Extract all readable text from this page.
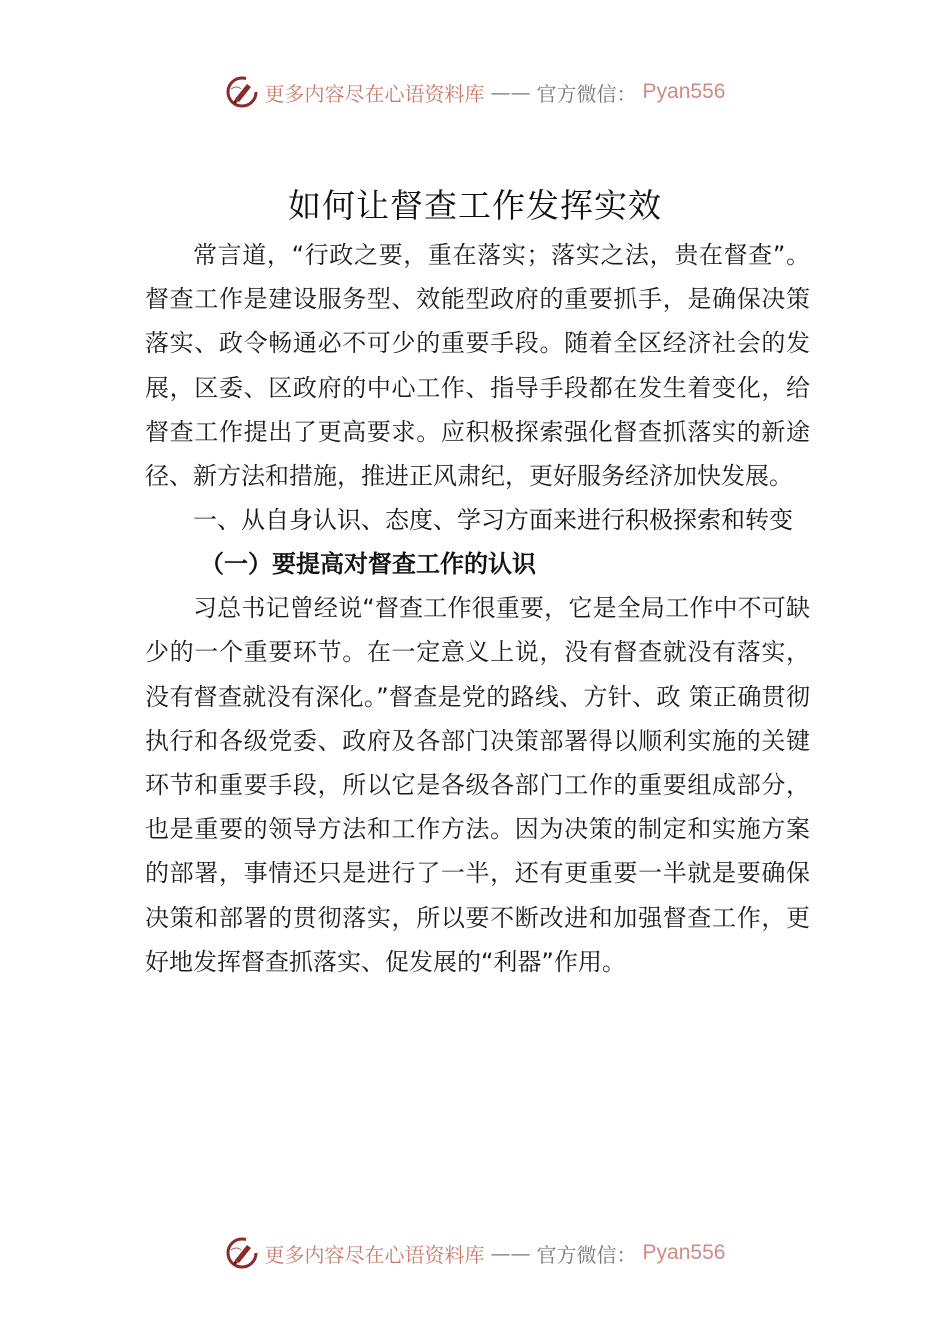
更多内容尽在心语资料库 —— 官方微信： Pyan556
如何让督查工作发挥实效

常言道，“行政之要，重在落实；落实之法，贵在督查”。督查工作是建设服务型、效能型政府的重要抓手，是确保决策落实、政令畅通必不可少的重要手段。随着全区经济社会的发展，区委、区政府的中心工作、指导手段都在发生着变化，给督查工作提出了更高要求。应积极探索强化督查抓落实的新途径、新方法和措施，推进正风肃纪，更好服务经济加快发展。

一、从自身认识、态度、学习方面来进行积极探索和转变

（一）要提高对督查工作的认识

习总书记曾经说“督查工作很重要，它是全局工作中不可缺少的一个重要环节。在一定意义上说，没有督查就没有落实，没有督查就没有深化。”督查是党的路线、方针、政 策正确贯彻执行和各级党委、政府及各部门决策部署得以顺利实施的关键环节和重要手段，所以它是各级各部门工作的重要组成部分，也是重要的领导方法和工作方法。因为决策的制定和实施方案的部署，事情还只是进行了一半，还有更重要一半就是要确保决策和部署的贯彻落实，所以要不断改进和加强督查工作，更好地发挥督查抓落实、促发展的“利器”作用。

更多内容尽在心语资料库 —— 官方微信： Pyan556
